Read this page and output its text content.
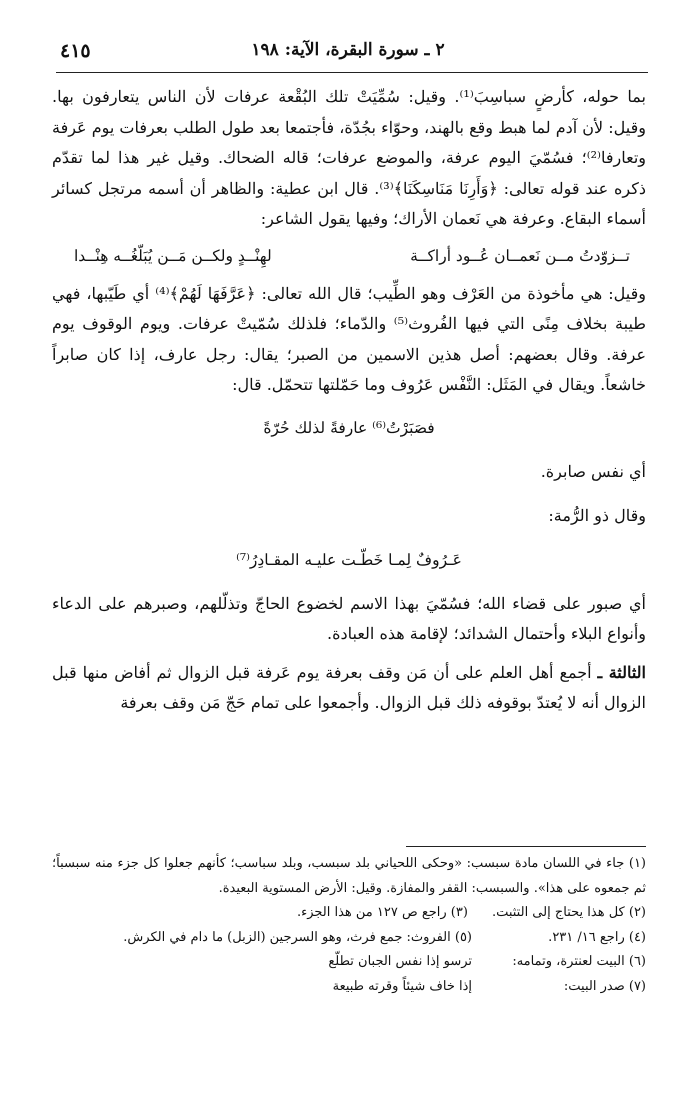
٢ ـ سورة البقرة، الآية: ١٩٨
٤١٥

بما حوله، كأرضٍ سباسِبَ⁽¹⁾. وقيل: سُمِّيَتْ تلك البُقْعة عرفات لأن الناس يتعارفون بها. وقيل: لأن آدم لما هبط وقع بالهند، وحوّاء بجُدّة، فأجتمعا بعد طول الطلب بعرفات يوم عَرفة وتعارفا⁽²⁾؛ فسُمّيَ اليوم عرفة، والموضع عرفات؛ قاله الضحاك. وقيل غير هذا لما تقدّم ذكره عند قوله تعالى: ﴿وَأَرِنَا مَنَاسِكَنَا﴾⁽³⁾. قال ابن عطية: والظاهر أن أسمه مرتجل كسائر أسماء البقاع. وعرفة هي نَعمان الأراك؛ وفيها يقول الشاعر:

تــزوّدتُ مــن نَعمــان عُــود أراكــة
لهِنْــدٍ ولكــن مَــن يُبَلّغُــه هِنْــدا

وقيل: هي مأخوذة من العَرْف وهو الطِّيب؛ قال الله تعالى: ﴿عَرَّفَهَا لَهُمْ﴾⁽⁴⁾ أي طَيّبها، فهي طيبة بخلاف مِنًى التي فيها الفُروث⁽⁵⁾ والدّماء؛ فلذلك سُمّيتْ عرفات. ويوم الوقوف يوم عرفة. وقال بعضهم: أصل هذين الاسمين من الصبر؛ يقال: رجل عارف، إذا كان صابراً خاشعاً. ويقال في المَثَل: النَّفْس عَرُوف وما حَمّلتها تتحمّل. قال:

فصَبَرْتُ⁽⁶⁾ عارفةً لذلك حُرّةً
أي نفس صابرة.
وقال ذو الرُّمة:
عَـرُوفٌ لِمـا خَطّـت عليـه المقـادِرُ⁽⁷⁾

أي صبور على قضاء الله؛ فسُمّيَ بهذا الاسم لخضوع الحاجّ وتذلّلهم، وصبرهم على الدعاء وأنواع البلاء وأحتمال الشدائد؛ لإقامة هذه العبادة.

الثالثة ـ أجمع أهل العلم على أن مَن وقف بعرفة يوم عَرفة قبل الزوال ثم أفاض منها قبل الزوال أنه لا يُعتدّ بوقوفه ذلك قبل الزوال. وأجمعوا على تمام حَجّ مَن وقف بعرفة

(١) جاء في اللسان مادة سبسب: «وحكى اللحياني بلد سبسب، وبلد سباسب؛ كأنهم جعلوا كل جزء منه سبسباً؛ ثم جمعوه على هذا». والسبسب: القفر والمفازة. وقيل: الأرض المستوية البعيدة.

(٢) كل هذا يحتاج إلى التثبت.
(٣) راجع ص ١٢٧ من هذا الجزء.
(٤) راجع ١٦/ ٢٣١.
(٥) الفروث: جمع فرث، وهو السرجين (الزبل) ما دام في الكرش.
(٦) البيت لعنترة، وتمامه:
ترسو إذا نفس الجبان تطلّع
(٧) صدر البيت:
إذا خاف شيئاً وقرته طبيعة
